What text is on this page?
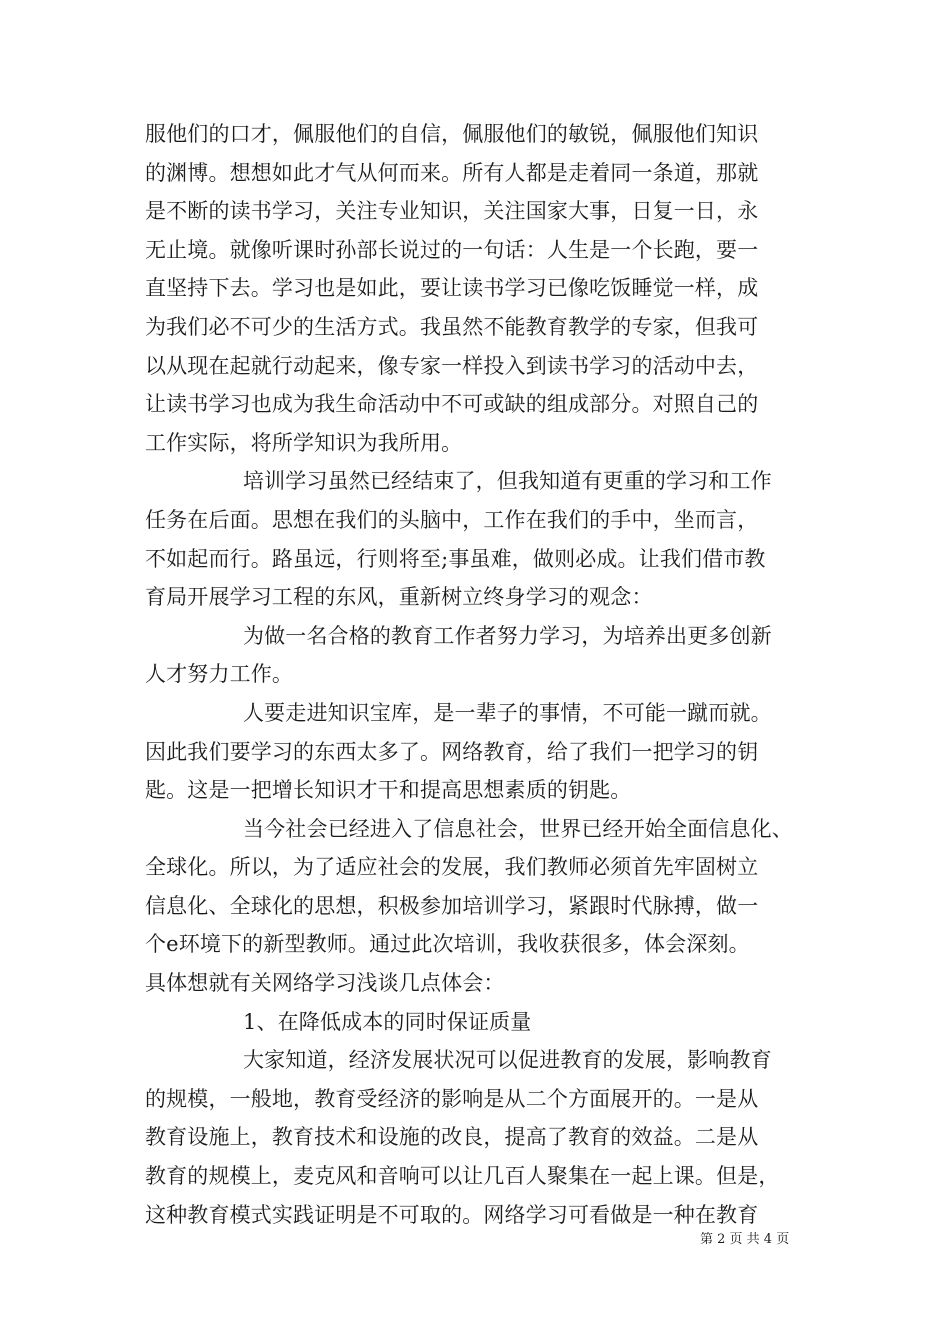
服他们的口才，佩服他们的自信，佩服他们的敏锐，佩服他们知识
的渊博。想想如此才气从何而来。所有人都是走着同一条道，那就
是不断的读书学习，关注专业知识，关注国家大事，日复一日，永
无止境。就像听课时孙部长说过的一句话：人生是一个长跑，要一
直坚持下去。学习也是如此，要让读书学习已像吃饭睡觉一样，成
为我们必不可少的生活方式。我虽然不能教育教学的专家，但我可
以从现在起就行动起来，像专家一样投入到读书学习的活动中去，
让读书学习也成为我生命活动中不可或缺的组成部分。对照自己的
工作实际，将所学知识为我所用。
培训学习虽然已经结束了，但我知道有更重的学习和工作
任务在后面。思想在我们的头脑中，工作在我们的手中，坐而言，
不如起而行。路虽远，行则将至;事虽难，做则必成。让我们借市教
育局开展学习工程的东风，重新树立终身学习的观念：
为做一名合格的教育工作者努力学习，为培养出更多创新
人才努力工作。
人要走进知识宝库，是一辈子的事情，不可能一蹴而就。
因此我们要学习的东西太多了。网络教育，给了我们一把学习的钥
匙。这是一把增长知识才干和提高思想素质的钥匙。
当今社会已经进入了信息社会，世界已经开始全面信息化、
全球化。所以，为了适应社会的发展，我们教师必须首先牢固树立
信息化、全球化的思想，积极参加培训学习，紧跟时代脉搏，做一
个e环境下的新型教师。通过此次培训，我收获很多，体会深刻。
具体想就有关网络学习浅谈几点体会：
1、在降低成本的同时保证质量
大家知道，经济发展状况可以促进教育的发展，影响教育
的规模，一般地，教育受经济的影响是从二个方面展开的。一是从
教育设施上，教育技术和设施的改良，提高了教育的效益。二是从
教育的规模上，麦克风和音响可以让几百人聚集在一起上课。但是，
这种教育模式实践证明是不可取的。网络学习可看做是一种在教育
第 2 页 共 4 页
